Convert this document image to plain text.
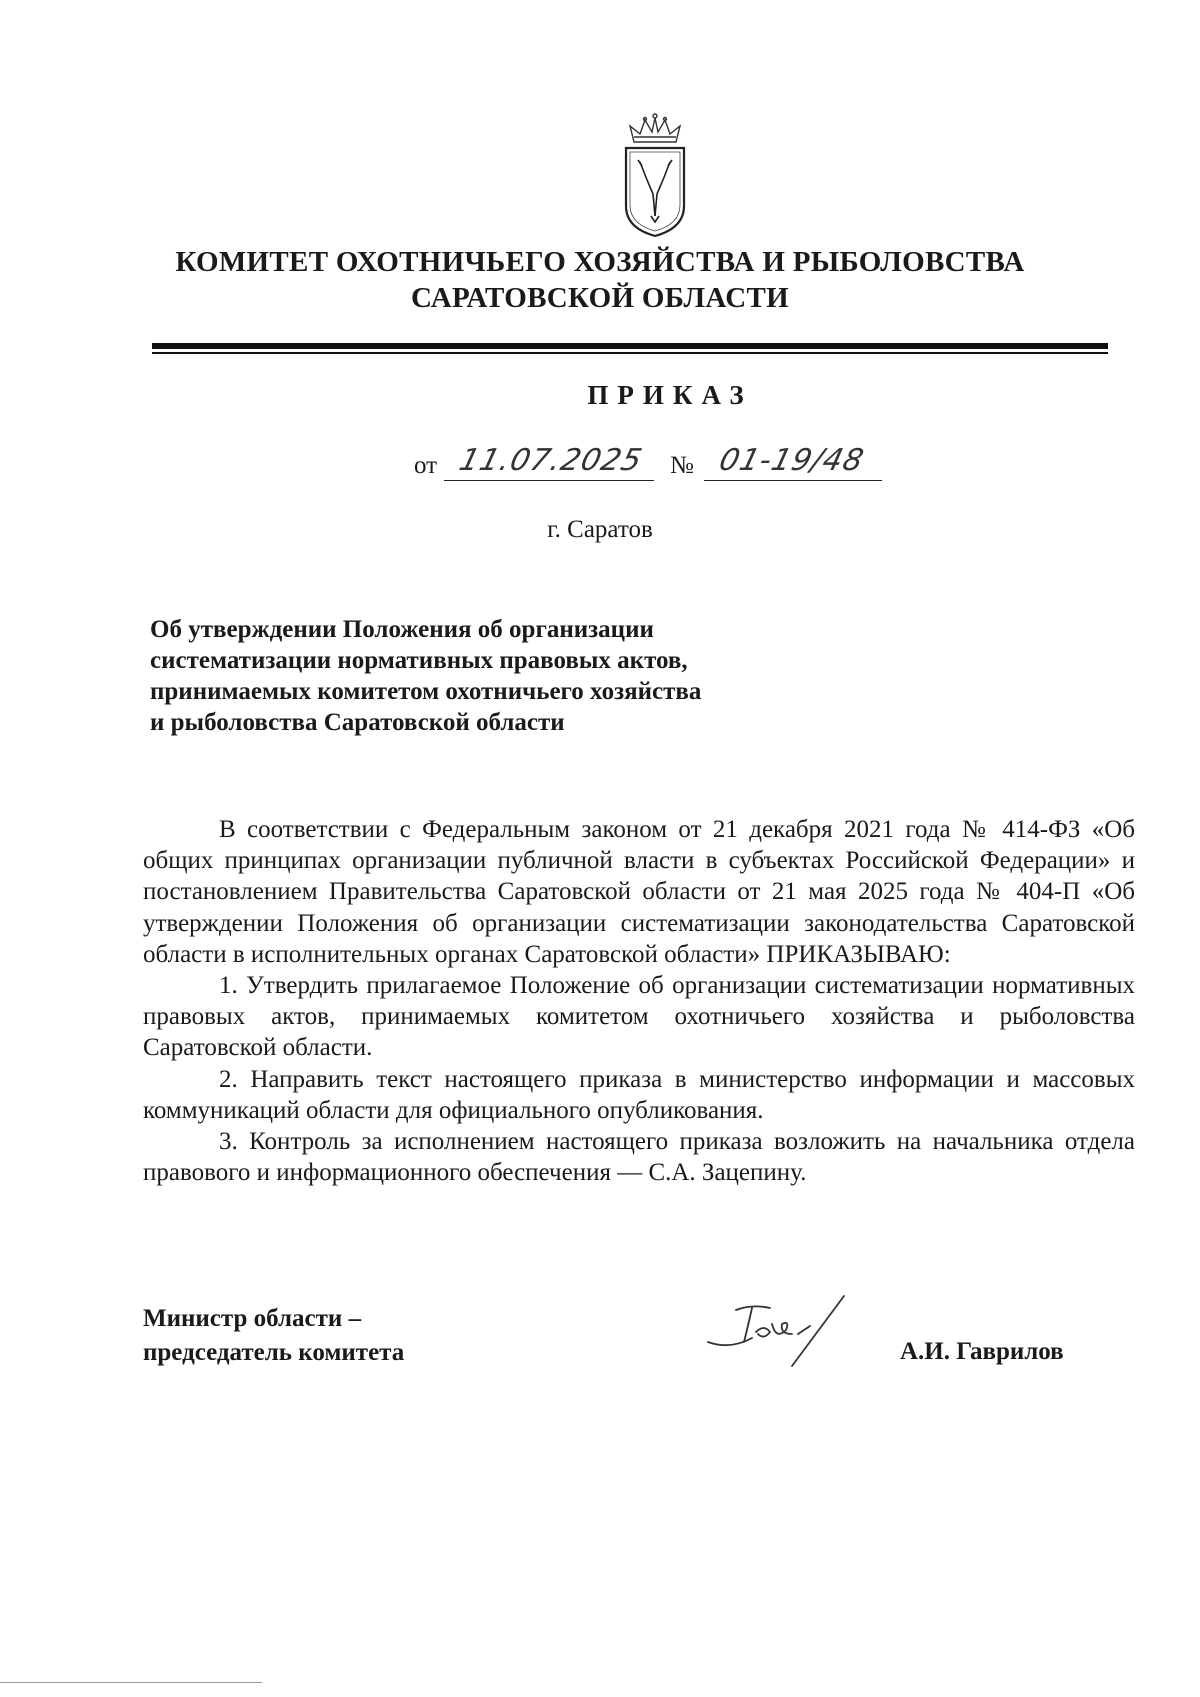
КОМИТЕТ ОХОТНИЧЬЕГО ХОЗЯЙСТВА И РЫБОЛОВСТВА
САРАТОВСКОЙ ОБЛАСТИ
ПРИКАЗ
от 11.07.2025 № 01-19/48
г. Саратов
Об утверждении Положения об организации
систематизации нормативных правовых актов,
принимаемых комитетом охотничьего хозяйства
и рыболовства Саратовской области

В соответствии с Федеральным законом от 21 декабря 2021 года № 414-ФЗ «Об общих принципах организации публичной власти в субъектах Российской Федерации» и постановлением Правительства Саратовской области от 21 мая 2025 года № 404-П «Об утверждении Положения об организации систематизации законодательства Саратовской области в исполнительных органах Саратовской области» ПРИКАЗЫВАЮ:

1. Утвердить прилагаемое Положение об организации систематизации нормативных правовых актов, принимаемых комитетом охотничьего хозяйства и рыболовства Саратовской области.

2. Направить текст настоящего приказа в министерство информации и массовых коммуникаций области для официального опубликования.

3. Контроль за исполнением настоящего приказа возложить на начальника отдела правового и информационного обеспечения — С.А. Зацепину.

Министр области –
председатель комитета	А.И. Гаврилов
